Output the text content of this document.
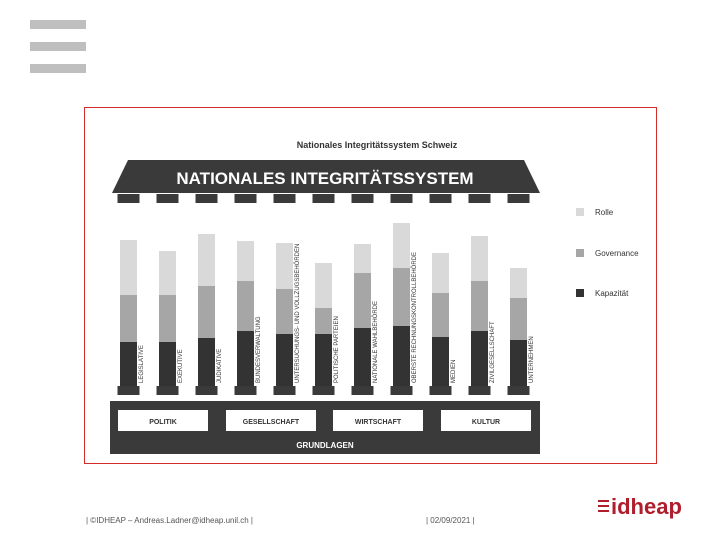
Nationales Integritätssystem Schweiz
NATIONALES INTEGRITÄTSSYSTEM
LEGISLATIVE	EXEKUTIVE	JUDIKATIVE	BUNDESVERWALTUNG	UNTERSUCHUNGS- UND VOLLZUGSBEHÖRDEN	POLITISCHE PARTEIEN	NATIONALE WAHLBEHÖRDE	OBERSTE RECHNUNGSKONTROLLBEHÖRDE	MEDIEN	ZIVILGESELLSCHAFT	UNTERNEHMEN
Rolle
Governance
Kapazität
POLITIK	GESELLSCHAFT	WIRTSCHAFT	KULTUR
GRUNDLAGEN
| ©IDHEAP – Andreas.Ladner@idheap.unil.ch |	| 02/09/2021 |
idheap
